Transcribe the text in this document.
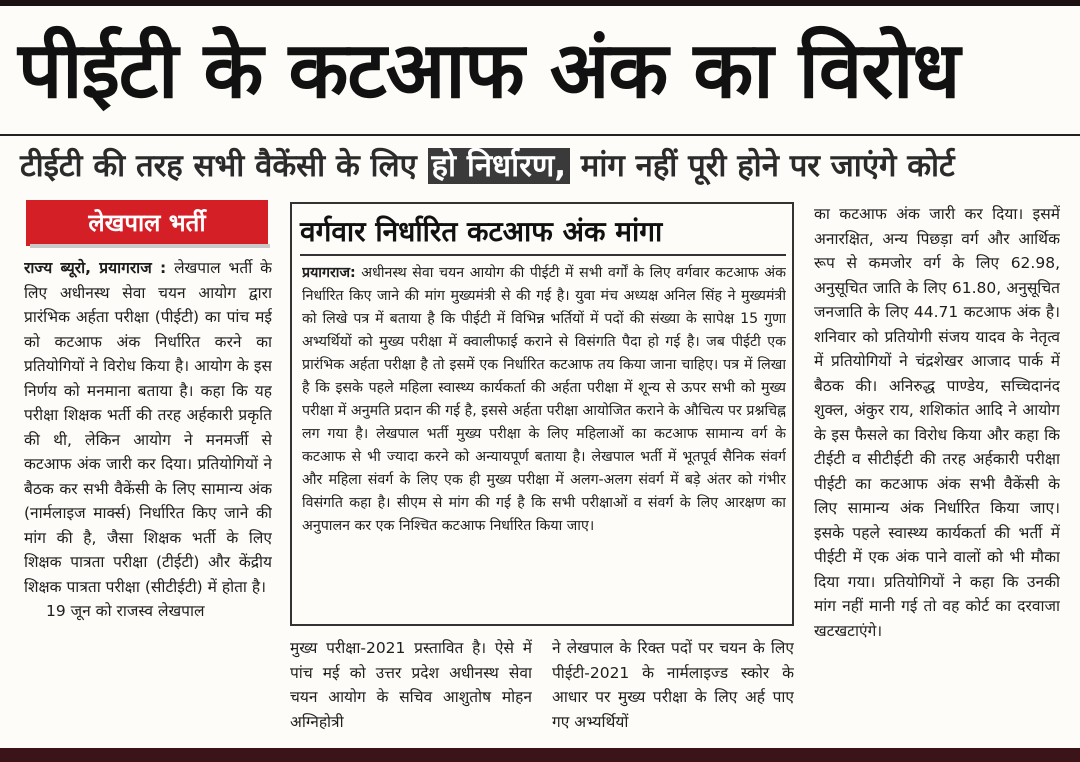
पीईटी के कटआफ अंक का विरोध
टीईटी की तरह सभी वैकेंसी के लिए हो निर्धारण, मांग नहीं पूरी होने पर जाएंगे कोर्ट
लेखपाल भर्ती

राज्य ब्यूरो, प्रयागराज : लेखपाल भर्ती के लिए अधीनस्थ सेवा चयन आयोग द्वारा प्रारंभिक अर्हता परीक्षा (पीईटी) का पांच मई को कटआफ अंक निर्धारित करने का प्रतियोगियों ने विरोध किया है। आयोग के इस निर्णय को मनमाना बताया है। कहा कि यह परीक्षा शिक्षक भर्ती की तरह अर्हकारी प्रकृति की थी, लेकिन आयोग ने मनमर्जी से कटआफ अंक जारी कर दिया। प्रतियोगियों ने बैठक कर सभी वैकेंसी के लिए सामान्य अंक (नार्मलाइज मार्क्स) निर्धारित किए जाने की मांग की है, जैसा शिक्षक भर्ती के लिए शिक्षक पात्रता परीक्षा (टीईटी) और केंद्रीय शिक्षक पात्रता परीक्षा (सीटीईटी) में होता है।

19 जून को राजस्व लेखपाल

वर्गवार निर्धारित कटआफ अंक मांगा
प्रयागराज: अधीनस्थ सेवा चयन आयोग की पीईटी में सभी वर्गों के लिए वर्गवार कटआफ अंक निर्धारित किए जाने की मांग मुख्यमंत्री से की गई है। युवा मंच अध्यक्ष अनिल सिंह ने मुख्यमंत्री को लिखे पत्र में बताया है कि पीईटी में विभिन्न भर्तियों में पदों की संख्या के सापेक्ष 15 गुणा अभ्यर्थियों को मुख्य परीक्षा में क्वालीफाई कराने से विसंगति पैदा हो गई है। जब पीईटी एक प्रारंभिक अर्हता परीक्षा है तो इसमें एक निर्धारित कटआफ तय किया जाना चाहिए। पत्र में लिखा है कि इसके पहले महिला स्वास्थ्य कार्यकर्ता की अर्हता परीक्षा में शून्य से ऊपर सभी को मुख्य परीक्षा में अनुमति प्रदान की गई है, इससे अर्हता परीक्षा आयोजित कराने के औचित्य पर प्रश्नचिह्न लग गया है। लेखपाल भर्ती मुख्य परीक्षा के लिए महिलाओं का कटआफ सामान्य वर्ग के कटआफ से भी ज्यादा करने को अन्यायपूर्ण बताया है। लेखपाल भर्ती में भूतपूर्व सैनिक संवर्ग और महिला संवर्ग के लिए एक ही मुख्य परीक्षा में अलग-अलग संवर्ग में बड़े अंतर को गंभीर विसंगति कहा है। सीएम से मांग की गई है कि सभी परीक्षाओं व संवर्ग के लिए आरक्षण का अनुपालन कर एक निश्चित कटआफ निर्धारित किया जाए।
मुख्य परीक्षा-2021 प्रस्तावित है। ऐसे में पांच मई को उत्तर प्रदेश अधीनस्थ सेवा चयन आयोग के सचिव आशुतोष मोहन अग्निहोत्री
ने लेखपाल के रिक्त पदों पर चयन के लिए पीईटी-2021 के नार्मलाइज्ड स्कोर के आधार पर मुख्य परीक्षा के लिए अर्ह पाए गए अभ्यर्थियों
का कटआफ अंक जारी कर दिया। इसमें अनारक्षित, अन्य पिछड़ा वर्ग और आर्थिक रूप से कमजोर वर्ग के लिए 62.98, अनुसूचित जाति के लिए 61.80, अनुसूचित जनजाति के लिए 44.71 कटआफ अंक है। शनिवार को प्रतियोगी संजय यादव के नेतृत्व में प्रतियोगियों ने चंद्रशेखर आजाद पार्क में बैठक की। अनिरुद्ध पाण्डेय, सच्चिदानंद शुक्ल, अंकुर राय, शशिकांत आदि ने आयोग के इस फैसले का विरोध किया और कहा कि टीईटी व सीटीईटी की तरह अर्हकारी परीक्षा पीईटी का कटआफ अंक सभी वैकेंसी के लिए सामान्य अंक निर्धारित किया जाए। इसके पहले स्वास्थ्य कार्यकर्ता की भर्ती में पीईटी में एक अंक पाने वालों को भी मौका दिया गया। प्रतियोगियों ने कहा कि उनकी मांग नहीं मानी गई तो वह कोर्ट का दरवाजा खटखटाएंगे।
